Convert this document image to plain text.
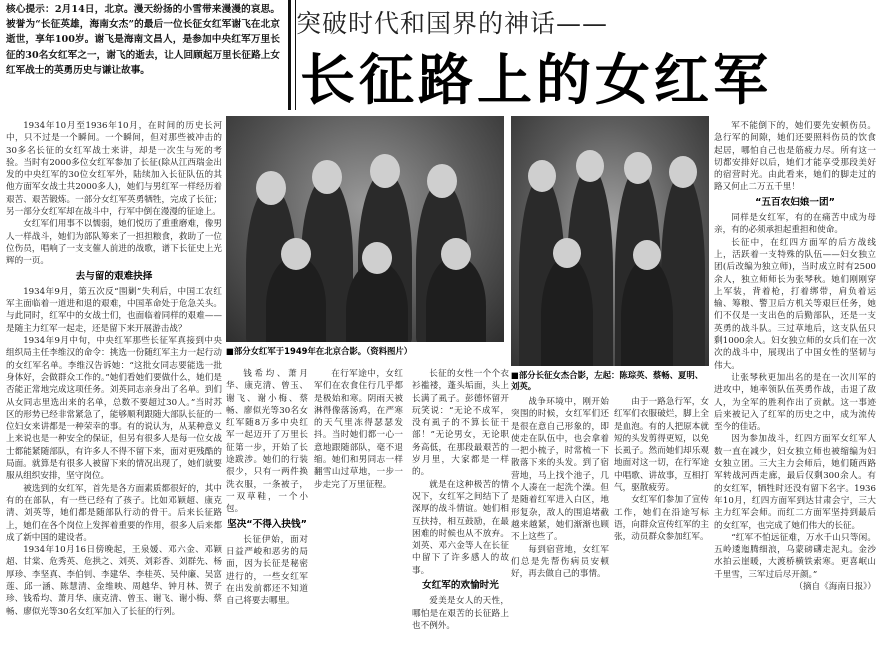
核心提示：2月14日，北京。漫天纷扬的小雪带来漫漫的哀思。被誉为“长征英雄，海南女杰”的最后一位长征女红军谢飞在北京逝世，享年100岁。谢飞是海南文昌人，是参加中央红军万里长征的30名女红军之一，谢飞的逝去，让人回顾起万里长征路上女红军战士的英勇历史与谦让故事。
突破时代和国界的神话——
长征路上的女红军
■部分女红军于1949年在北京合影。（资料图片）
■部分长征女杰合影，左起：陈琮英、蔡畅、夏明、刘英。

1934年10月至1936年10月，在时间的历史长河中，只不过是一个瞬间。一个瞬间，但对那些被冲击的30多名长征的女红军战士来讲，却是一次生与死的考验。当时有2000多位女红军参加了长征(除从江西瑞金出发的中央红军的30位女红军外，陆续加入长征队伍的其他方面军女战士共2000多人)，她们与男红军一样经历着艰苦、艰苦锻炼。一部分女红军英勇牺牲，完成了长征；另一部分女红军却在战斗中，行军中倒在漫漫的征途上。

女红军们用事不以懦弱，她们悦历了重重磨难，像男人一样战斗，她们为部队筹来了一担担粮食，救助了一位位伤员，唱响了一支支催人前进的战歌，谱下长征史上光辉的一页。

去与留的艰难抉择

1934年9月，第五次反“围剿”失利后，中国工农红军主面临着一道进和退的艰难，中国革命处于危急关头。与此同时，红军中的女战士们，也面临着同样的艰难——是随主力红军一起走，还是留下来开展游击战？

1934年9月中旬，中央红军那些长征军真接到中央组织局主任李维汉的命令：挑选一份随红军主力一起行动的女红军名单。李维汉告诉她：“这批女同志要能选一批身体好，会做群众工作的。”她们看她们要做什么，她们是否能正常地完成这项任务。刘英同志亲身出了名单。到们从女同志里选出来的名单，总数不要超过30人。”当时苏区的形势已经非常紧急了，能够顺利跟随大部队长征的一位妇女来讲都是一种荣幸的事。有的说认为，从某种意义上来说也是一种安全的保证，但另有很多人是每一位女战士都能紧随部队，有许多人不得不留下来，面对更残酷的局面。就算是有很多人被留下来的情况出现了，她们就要服从组织安排，坚守岗位。

被选到的女红军，首先是各方面素质都很好的，其中有的在部队，有一些已经有了孩子。比如邓颖超、康克清、刘英等，她们都是随部队行动的骨干。后来长征路上，她们在各个岗位上发挥着重要的作用，很多人后来都成了新中国的建设者。

1934年10月16日傍晚起，王泉媛、邓六金、邓颖超、甘棠、危秀英、危拱之、刘英、刘彩香、刘群先、杨厚珍、李坚真、李伯钊、李建华、李桂英、吴仲廉、吴富莲、邱一涵、陈慧清、金维映、周越华、钟月林、贺子珍、钱希均、萧月华、康克清、曾玉、谢飞、谢小梅、蔡畅、廖似光等30名女红军加入了长征的行列。

钱希均、萧月华、康克清、曾玉、谢飞、谢小梅、蔡畅、廖似光等30名女红军随8万多中央红军一起迈开了万里长征第一步，开始了长途跋涉。她们的行装很少，只有一两件换洗衣服，一条被子，一双草鞋，一个小包。

坚决“不得入抉钱”

长征伊始，面对日益严峻和恶劣的局面，因为长征是秘密进行的，一些女红军在出发前都还不知道自己将要去哪里。

在行军途中，女红军们在农食住行几乎都是极始和寒。阴雨天被淋得像落汤鸡，在严寒的天气里冻得瑟瑟发抖。当时她们都一心一意地跟随部队，毫不退缩。她们和男同志一样翻雪山过草地，一步一步走完了万里征程。

长征的女性一个个衣衫褴褛，蓬头垢面，头上长满了虱子。彭德怀留开玩笑说：“无论不成军，没有虱子的不算长征干部！”无论男女，无论职务高低，在那段最艰苦的岁月里，大家都是一样的。

就是在这种极苦的情况下，女红军之间结下了深厚的战斗情谊。她们相互扶持，相互鼓励，在最困难的时候也从不放弃。刘英、邓六金等人在长征中留下了许多感人的故事。

女红军的欢愉时光

爱美是女人的天性，哪怕是在艰苦的长征路上也不例外。

战争环境中，刚开始突围的时候，女红军们还是很在意自己形象的，即使走在队伍中，也会拿着一把小梳子，时常梳一下散落下来的头发。到了宿营地，马上找个池子，几个人凑在一起洗个澡。但是随着红军进入白区，地形复杂，敌人的围追堵截越来越紧，她们渐渐也顾不上这些了。

每到宿营地，女红军们总是先帮伤病员安顿好，再去做自己的事情。

由于一路急行军，女红军们衣服破烂，脚上全是血泡。有的人把原本就短的头发剪得更短，以免长虱子。然而她们却乐观地面对这一切，在行军途中唱歌、讲故事，互相打气，驱散疲劳。

女红军们参加了宣传工作，她们在沿途写标语，向群众宣传红军的主张，动员群众参加红军。

军不能倒下的，她们要先安顿伤员。急行军的间隙，她们还要照料伤员的饮食起居，哪怕自己也是筋疲力尽。所有这一切都安排好以后，她们才能享受那段美好的宿营时光。由此看来，她们的脚走过的路又何止二万五千里！

“五百农妇娘一团”

同样是女红军，有的在痛苦中成为母亲，有的必须承担起重担和使命。

长征中，在红四方面军的后方战线上，活跃着一支特殊的队伍——妇女独立团(后改编为独立师)，当时成立时有2500余人，独立师师长为张琴秋。她们刚刚穿上军装，背着枪，打着绑带，肩负着运输、筹粮、警卫后方机关等艰巨任务，她们不仅是一支出色的后勤部队，还是一支英勇的战斗队。三过草地后，这支队伍只剩1000余人。妇女独立师的女兵们在一次次的战斗中，展现出了中国女性的坚韧与伟大。

让张琴秋更加出名的是在一次川军的进攻中，她率领队伍英勇作战，击退了敌人，为全军的胜利作出了贡献。这一事迹后来被记入了红军的历史之中，成为流传至今的佳话。

因为参加战斗，红四方面军女红军人数一直在减少，妇女独立师也被缩编为妇女独立团。三大主力会师后，她们随西路军转战河西走廊，最后仅剩300余人。有的女红军，牺牲时还没有留下名字。1936年10月，红四方面军到达甘肃会宁，三大主力红军会师。而红二方面军坚持到最后的女红军，也完成了她们伟大的长征。

“红军不怕远征难，万水千山只等闲。五岭逶迤腾细浪，乌蒙磅礴走泥丸。金沙水拍云崖暖，大渡桥横铁索寒。更喜岷山千里雪，三军过后尽开颜。”

（摘自《海南日报》）
